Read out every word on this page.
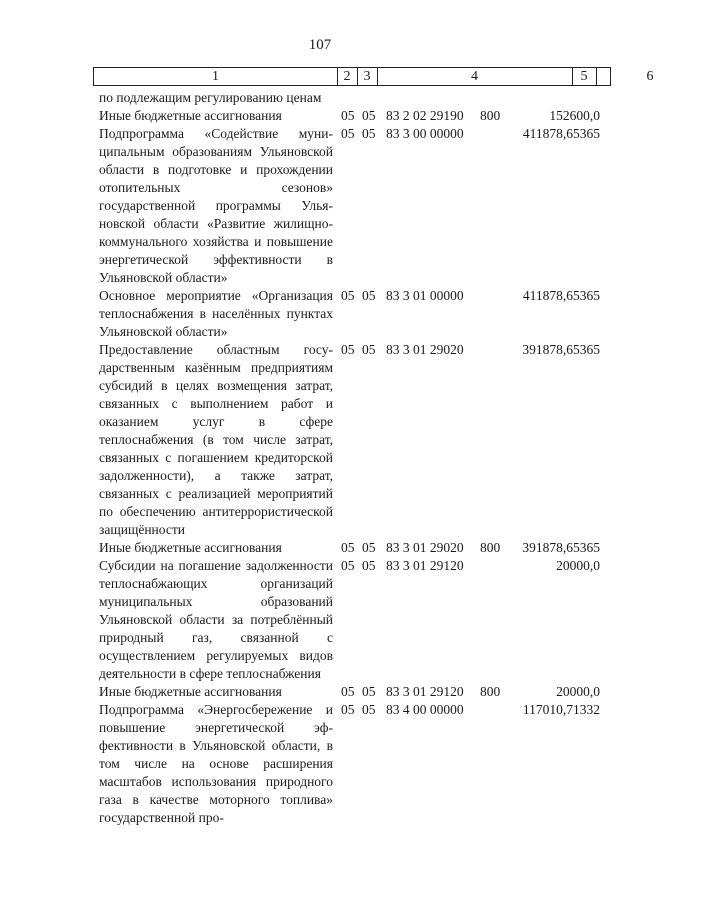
107
1	2 3	4	5	6
по подлежащим регулированию ценам
Иные бюджетные ассигнования	05 05 83 2 02 29190 800	152600,0
Подпрограмма «Содействие муниципальным образованиям Ульяновской области в подготовке и прохождении отопительных сезонов» государственной программы Ульяновской области «Развитие жилищно-коммунального хозяйства и повышение энергетической эффективности в Ульяновской области»
05 05 83 3 00 00000	411878,65365
Основное мероприятие «Организация теплоснабжения в населённых пунктах Ульяновской области»
05 05 83 3 01 00000	411878,65365
Предоставление областным государственным казённым предприятиям субсидий в целях возмещения затрат, связанных с выполнением работ и оказанием услуг в сфере теплоснабжения (в том числе затрат, связанных с погашением кредиторской задолженности), а также затрат, связанных с реализацией мероприятий по обеспечению антитеррористической защищённости
05 05 83 3 01 29020	391878,65365
Иные бюджетные ассигнования	05 05 83 3 01 29020 800 391878,65365
Субсидии на погашение задолженности теплоснабжающих организаций муниципальных образований Ульяновской области за потреблённый природный газ, связанной с осуществлением регулируемых видов деятельности в сфере теплоснабжения
05 05 83 3 01 29120	20000,0
Иные бюджетные ассигнования	05 05 83 3 01 29120 800	20000,0
Подпрограмма «Энергосбережение и повышение энергетической эффективности в Ульяновской области, в том числе на основе расширения масштабов использования природного газа в качестве моторного топлива» государственной про-
05 05 83 4 00 00000	117010,71332
